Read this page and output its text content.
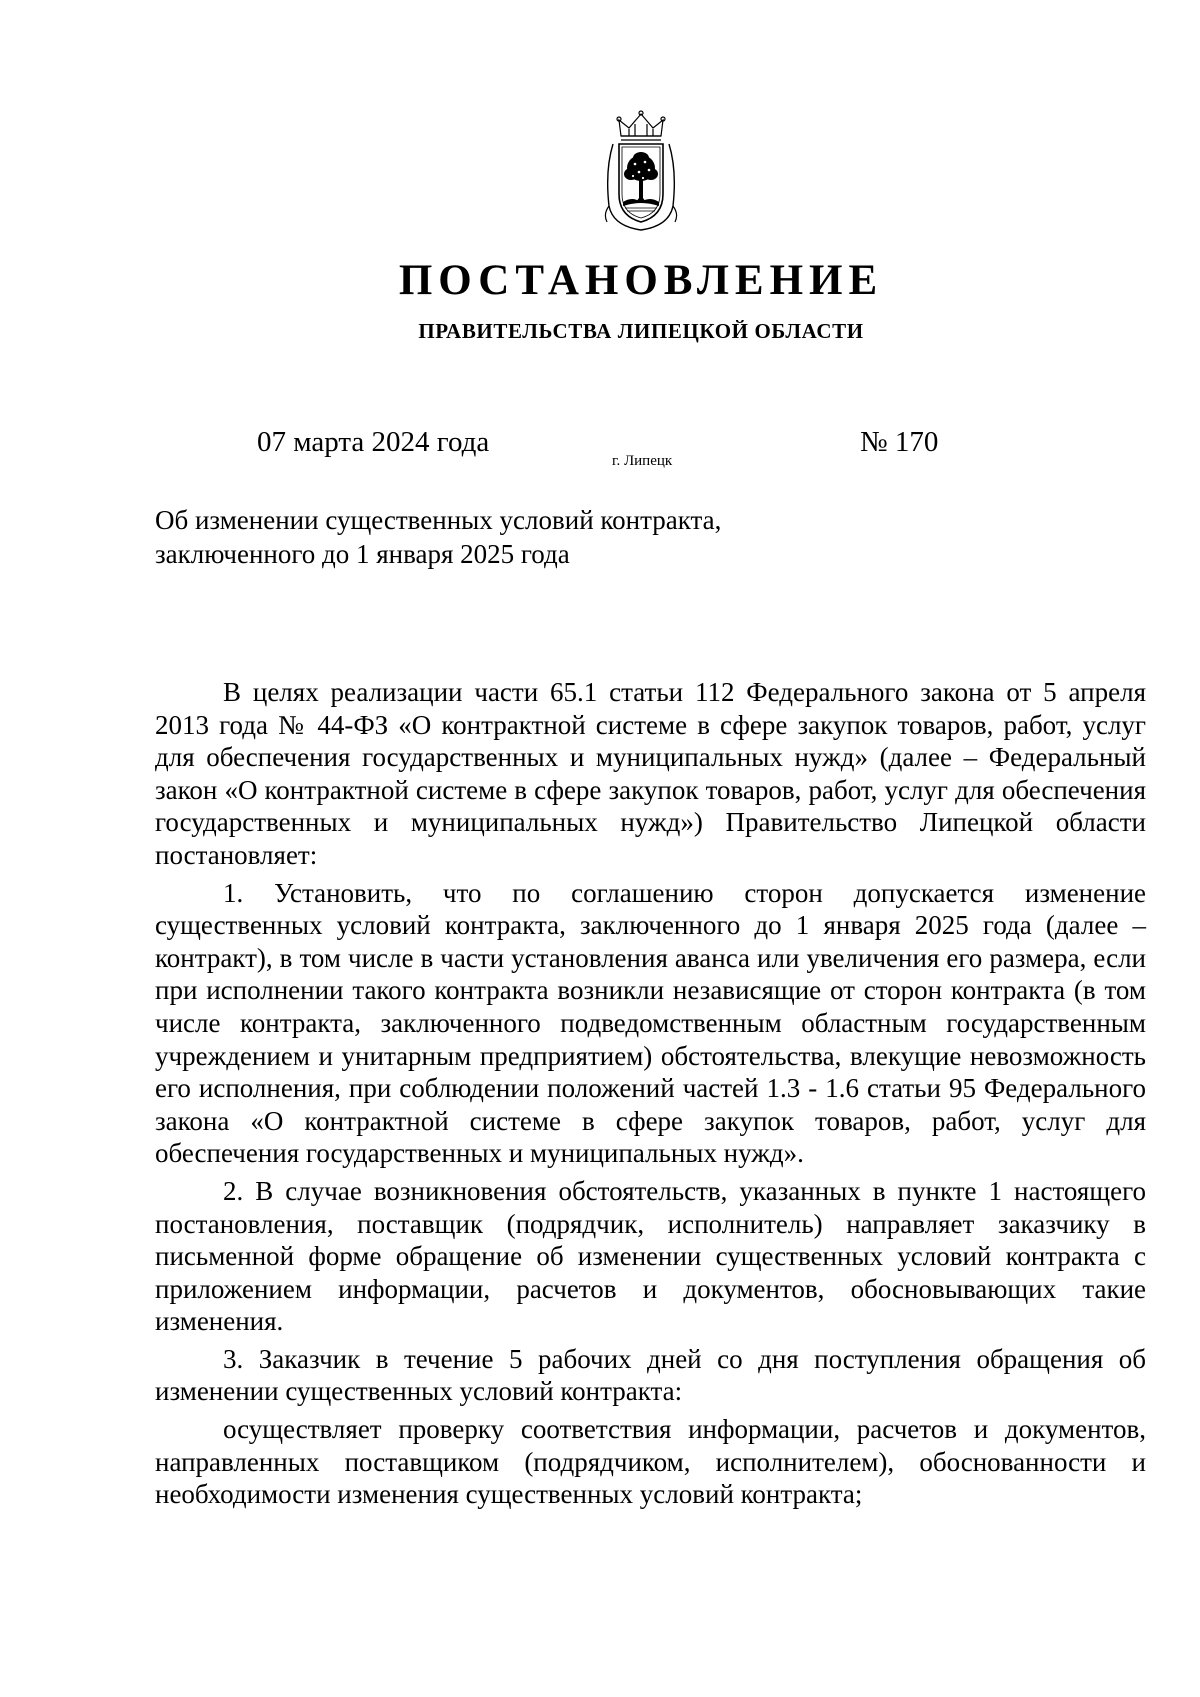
ПОСТАНОВЛЕНИЕ
ПРАВИТЕЛЬСТВА ЛИПЕЦКОЙ ОБЛАСТИ
07 марта 2024 года
г. Липецк
№ 170
Об изменении существенных условий контракта,
заключенного до 1 января 2025 года

В целях реализации части 65.1 статьи 112 Федерального закона от 5 апреля 2013 года № 44-ФЗ «О контрактной системе в сфере закупок товаров, работ, услуг для обеспечения государственных и муниципальных нужд» (далее – Федеральный закон «О контрактной системе в сфере закупок товаров, работ, услуг для обеспечения государственных и муниципальных нужд») Правительство Липецкой области постановляет:

1. Установить, что по соглашению сторон допускается изменение существенных условий контракта, заключенного до 1 января 2025 года (далее – контракт), в том числе в части установления аванса или увеличения его размера, если при исполнении такого контракта возникли независящие от сторон контракта (в том числе контракта, заключенного подведомственным областным государственным учреждением и унитарным предприятием) обстоятельства, влекущие невозможность его исполнения, при соблюдении положений частей 1.3 - 1.6 статьи 95 Федерального закона «О контрактной системе в сфере закупок товаров, работ, услуг для обеспечения государственных и муниципальных нужд».

2. В случае возникновения обстоятельств, указанных в пункте 1 настоящего постановления, поставщик (подрядчик, исполнитель) направляет заказчику в письменной форме обращение об изменении существенных условий контракта с приложением информации, расчетов и документов, обосновывающих такие изменения.

3. Заказчик в течение 5 рабочих дней со дня поступления обращения об изменении существенных условий контракта:

осуществляет проверку соответствия информации, расчетов и документов, направленных поставщиком (подрядчиком, исполнителем), обоснованности и необходимости изменения существенных условий контракта;
